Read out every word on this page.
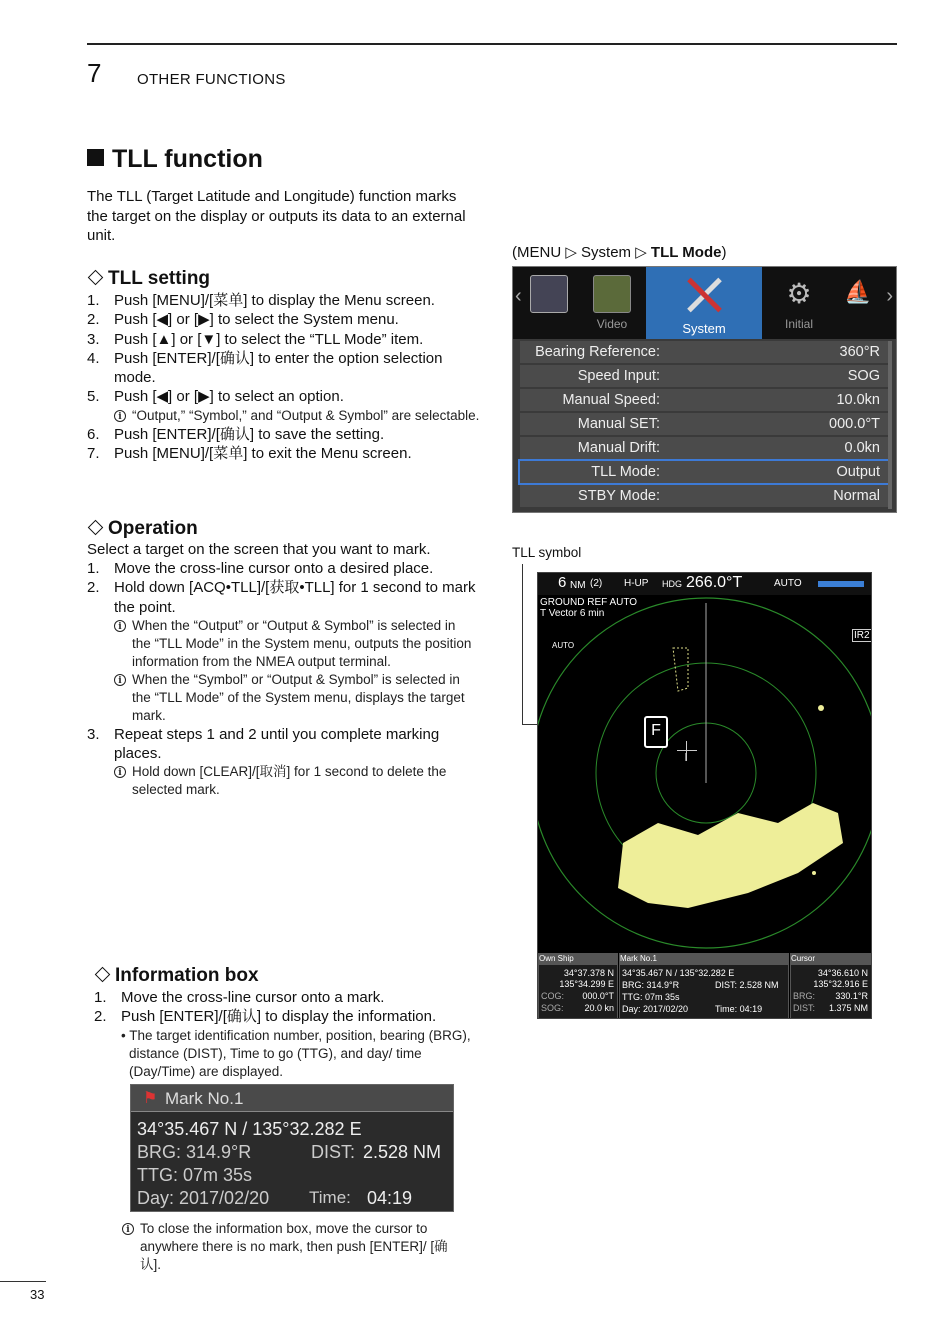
7 OTHER FUNCTIONS
TLL function
The TLL (Target Latitude and Longitude) function marks the target on the display or outputs its data to an external unit.
TLL setting
1. Push [MENU]/[菜单] to display the Menu screen.
2. Push [◀] or [▶] to select the System menu.
3. Push [▲] or [▼] to select the “TLL Mode” item.
4. Push [ENTER]/[确认] to enter the option selection mode.
5. Push [◀] or [▶] to select an option.
i “Output,” “Symbol,” and “Output & Symbol” are selectable.
6. Push [ENTER]/[确认] to save the setting.
7. Push [MENU]/[菜单] to exit the Menu screen.
Operation
Select a target on the screen that you want to mark.
1. Move the cross-line cursor onto a desired place.
2. Hold down [ACQ•TLL]/[获取•TLL] for 1 second to mark the point.
i When the “Output” or “Output & Symbol” is selected in the “TLL Mode” in the System menu, outputs the position information from the NMEA output terminal.
i When the “Symbol” or “Output & Symbol” is selected in the “TLL Mode” of the System menu, displays the target mark.
3. Repeat steps 1 and 2 until you complete marking places.
i Hold down [CLEAR]/[取消] for 1 second to delete the selected mark.
Information box
1. Move the cross-line cursor onto a mark.
2. Push [ENTER]/[确认] to display the information.
• The target identification number, position, bearing (BRG), distance (DIST), Time to go (TTG), and day/ time (Day/Time) are displayed.
⚑ Mark No.1
34°35.467 N / 135°32.282 E
BRG: 314.9°R	DIST: 2.528 NM
TTG: 07m 35s
Day: 2017/02/20 Time: 04:19
i To close the information box, move the cursor to anywhere there is no mark, then push [ENTER]/ [确认].
(MENU ▷ System ▷ TLL Mode)
‹
Video	System
⚙
Initial
⛵ ›
Bearing Reference:	360°R
Speed Input:	SOG
Manual Speed:	10.0kn
Manual SET:	000.0°T
Manual Drift:	0.0kn
TLL Mode:	Output
STBY Mode:	Normal
TLL symbol
6 NM (2) H-UP HDG 266.0°T	AUTO
GROUND REF AUTO
T Vector 6 min
AUTO
IR2
F
Own Ship
34°37.378 N
135°34.299 E
COG: 000.0°T
SOG: 20.0 kn
Mark No.1
34°35.467 N / 135°32.282 E
BRG: 314.9°R	DIST: 2.528 NM
TTG: 07m 35s
Day: 2017/02/20	Time: 04:19
Cursor
34°36.610 N
135°32.916 E
BRG: 330.1°R
DIST: 1.375 NM
33
